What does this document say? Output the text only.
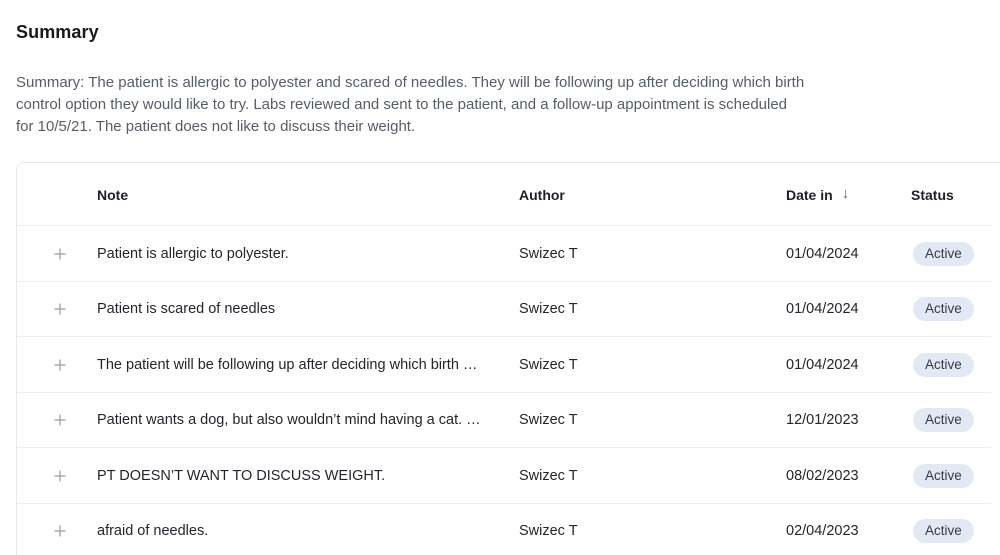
Summary
Summary: The patient is allergic to polyester and scared of needles. They will be following up after deciding which birth
control option they would like to try. Labs reviewed and sent to the patient, and a follow-up appointment is scheduled
for 10/5/21. The patient does not like to discuss their weight.
Note	Author	Date in ↓	Status
Patient is allergic to polyester.	Swizec T	01/04/2024	Active
Patient is scared of needles	Swizec T	01/04/2024	Active
The patient will be following up after deciding which birth …	Swizec T	01/04/2024	Active
Patient wants a dog, but also wouldn’t mind having a cat. …	Swizec T	12/01/2023	Active
PT DOESN’T WANT TO DISCUSS WEIGHT.	Swizec T	08/02/2023	Active
afraid of needles.	Swizec T	02/04/2023	Active
